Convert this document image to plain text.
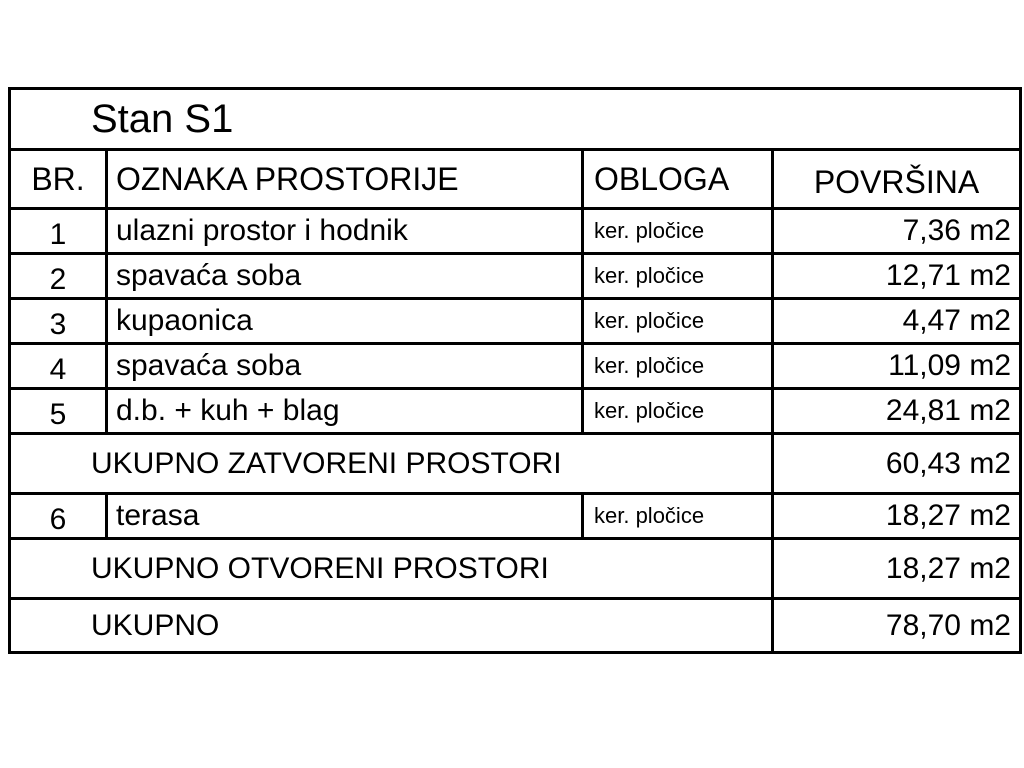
Stan S1
BR. OZNAKA PROSTORIJE	OBLOGA	POVRŠINA
1	ulazni prostor i hodnik	ker. pločice	7,36 m2
2	spavaća soba	ker. pločice	12,71 m2
3	kupaonica	ker. pločice	4,47 m2
4	spavaća soba	ker. pločice	11,09 m2
5	d.b. + kuh + blag	ker. pločice	24,81 m2
UKUPNO ZATVORENI PROSTORI	60,43 m2
6	terasa	ker. pločice	18,27 m2
UKUPNO OTVORENI PROSTORI	18,27 m2
UKUPNO	78,70 m2
